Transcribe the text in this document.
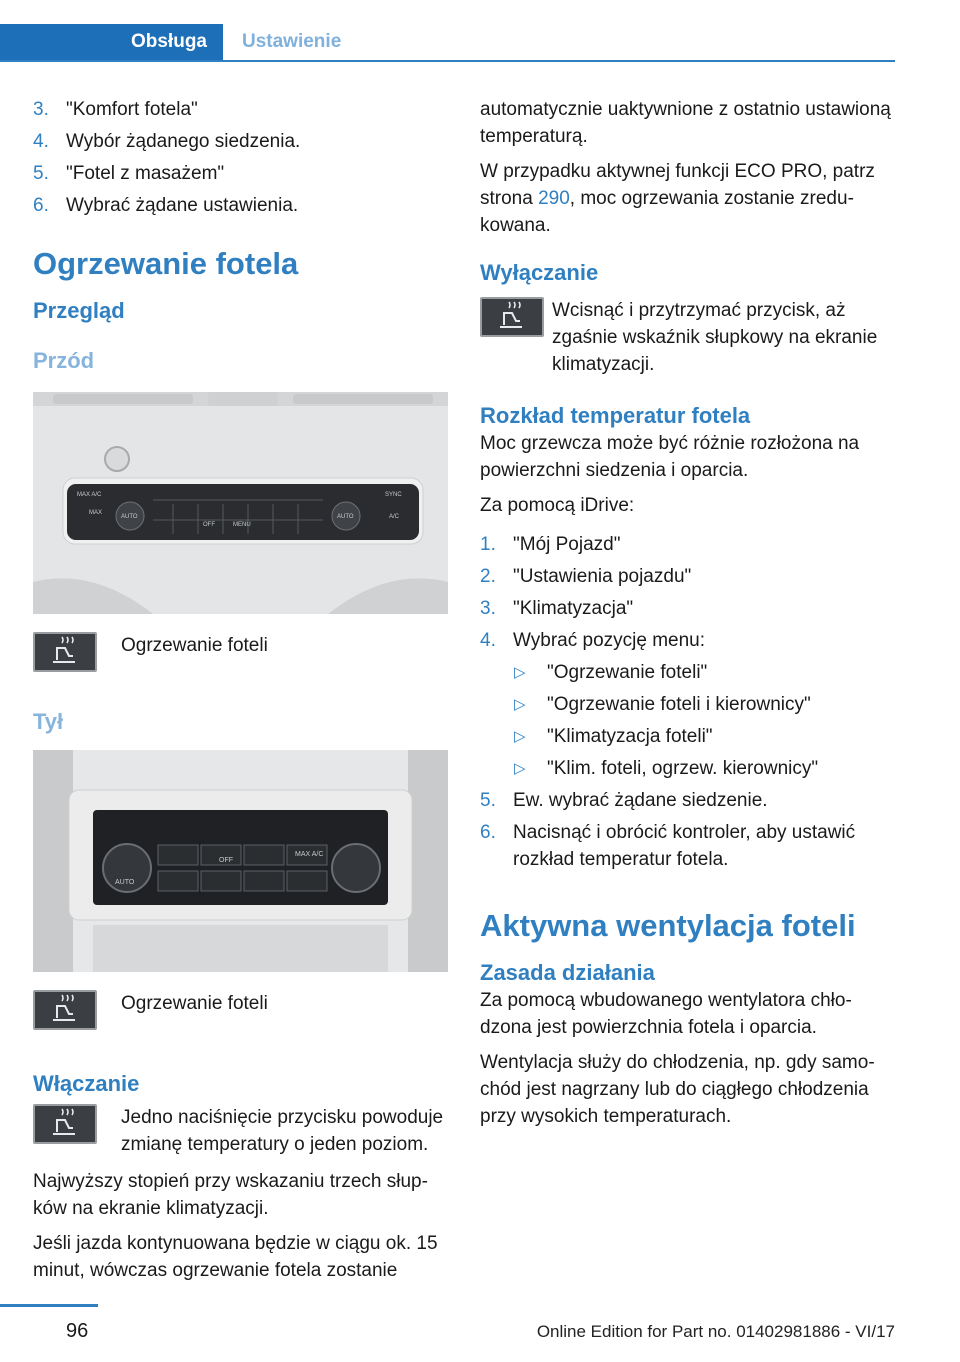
Obsługa	Ustawienie
3. "Komfort fotela"
4. Wybór żądanego siedzenia.
5. "Fotel z masażem"
6. Wybrać żądane ustawienia.
Ogrzewanie fotela
Przegląd
Przód
MAX A/C
MAX
AUTO	AUTO
SYNC
A/C
OFF	MENU
Ogrzewanie foteli
Tył
AUTO
OFF
MAX A/C
Ogrzewanie foteli
Włączanie
Jedno naciśnięcie przycisku powoduje zmianę temperatury o jeden poziom.

Najwyższy stopień przy wskazaniu trzech słupków na ekranie klimatyzacji.

Jeśli jazda kontynuowana będzie w ciągu ok. 15 minut, wówczas ogrzewanie fotela zostanie

automatycznie uaktywnione z ostatnio ustawioną temperaturą.

W przypadku aktywnej funkcji ECO PRO, patrz strona 290, moc ogrzewania zostanie zredukowana.

Wyłączanie
Wcisnąć i przytrzymać przycisk, aż zgaśnie wskaźnik słupkowy na ekranie klimatyzacji.
Rozkład temperatur fotela

Moc grzewcza może być różnie rozłożona na powierzchni siedzenia i oparcia.

Za pomocą iDrive:

1. "Mój Pojazd"
2. "Ustawienia pojazdu"
3. "Klimatyzacja"
4. Wybrać pozycję menu:
▷ "Ogrzewanie foteli"
▷ "Ogrzewanie foteli i kierownicy"
▷ "Klimatyzacja foteli"
▷ "Klim. foteli, ogrzew. kierownicy"
5. Ew. wybrać żądane siedzenie.
6. Nacisnąć i obrócić kontroler, aby ustawić rozkład temperatur fotela.
Aktywna wentylacja foteli
Zasada działania

Za pomocą wbudowanego wentylatora chłodzona jest powierzchnia fotela i oparcia.

Wentylacja służy do chłodzenia, np. gdy samochód jest nagrzany lub do ciągłego chłodzenia przy wysokich temperaturach.

96	Online Edition for Part no. 01402981886 - VI/17
